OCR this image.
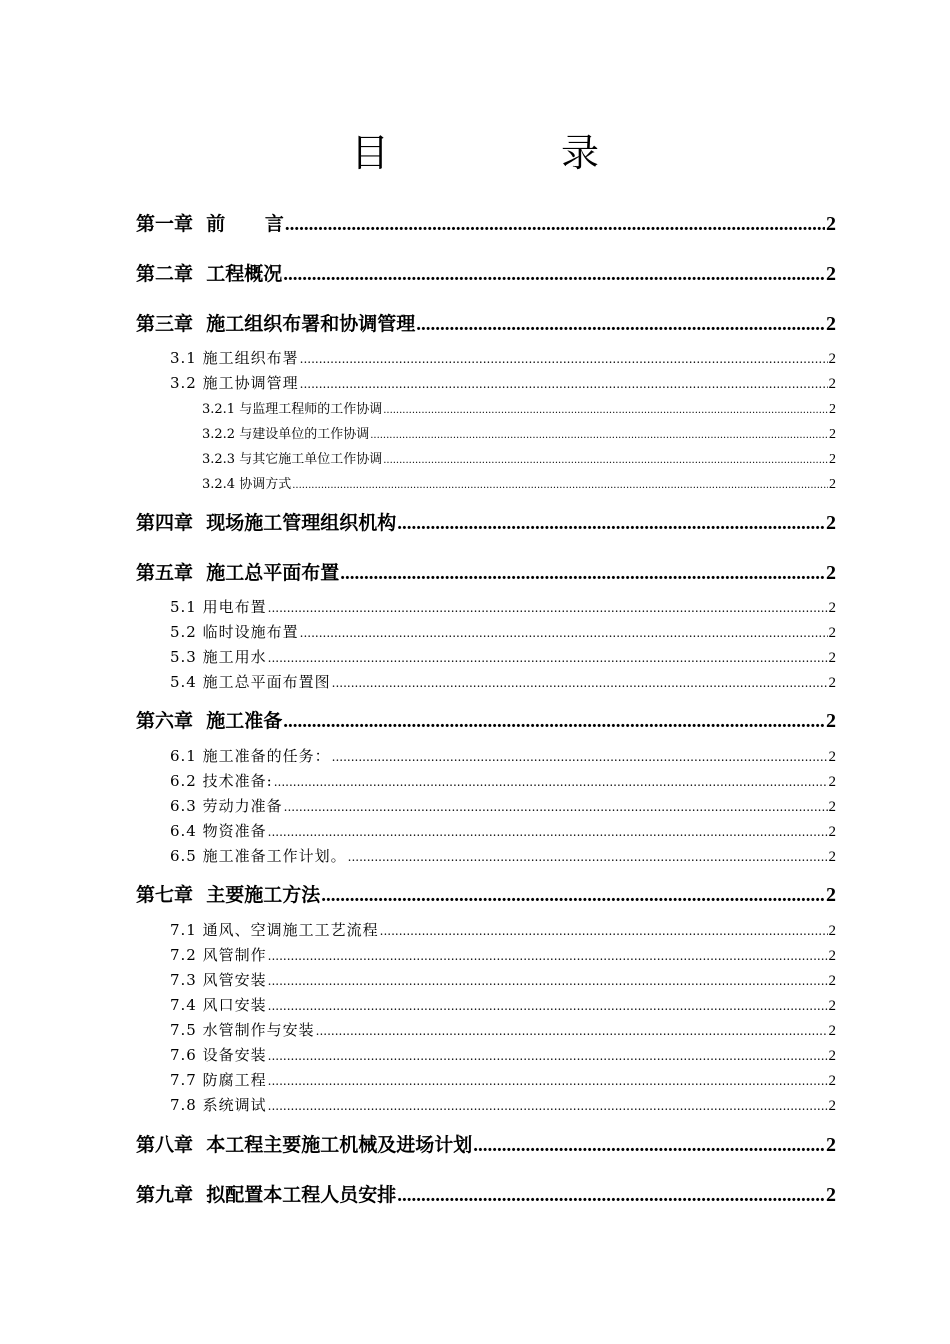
目 录
第一章  前      言 .....	2
第二章  工程概况 .....	2
第三章  施工组织布署和协调管理 .....	2
3.1 施工组织布署 .....	2
3.2 施工协调管理 .....	2
3.2.1 与监理工程师的工作协调 .....	2
3.2.2 与建设单位的工作协调 .....	2
3.2.3 与其它施工单位工作协调 .....	2
3.2.4 协调方式 .....	2
第四章  现场施工管理组织机构 .....	2
第五章  施工总平面布置 .....	2
5.1 用电布置 .....	2
5.2 临时设施布置 .....	2
5.3 施工用水 .....	2
5.4 施工总平面布置图 .....	2
第六章  施工准备 .....	2
6.1 施工准备的任务： .....	2
6.2 技术准备: .....	2
6.3 劳动力准备 .....	2
6.4 物资准备 .....	2
6.5 施工准备工作计划。 .....	2
第七章  主要施工方法 .....	2
7.1 通风、空调施工工艺流程 .....	2
7.2 风管制作 .....	2
7.3 风管安装 .....	2
7.4 风口安装 .....	2
7.5 水管制作与安装 .....	2
7.6 设备安装 .....	2
7.7 防腐工程 .....	2
7.8 系统调试 .....	2
第八章  本工程主要施工机械及进场计划 .....	2
第九章  拟配置本工程人员安排 .....	2
